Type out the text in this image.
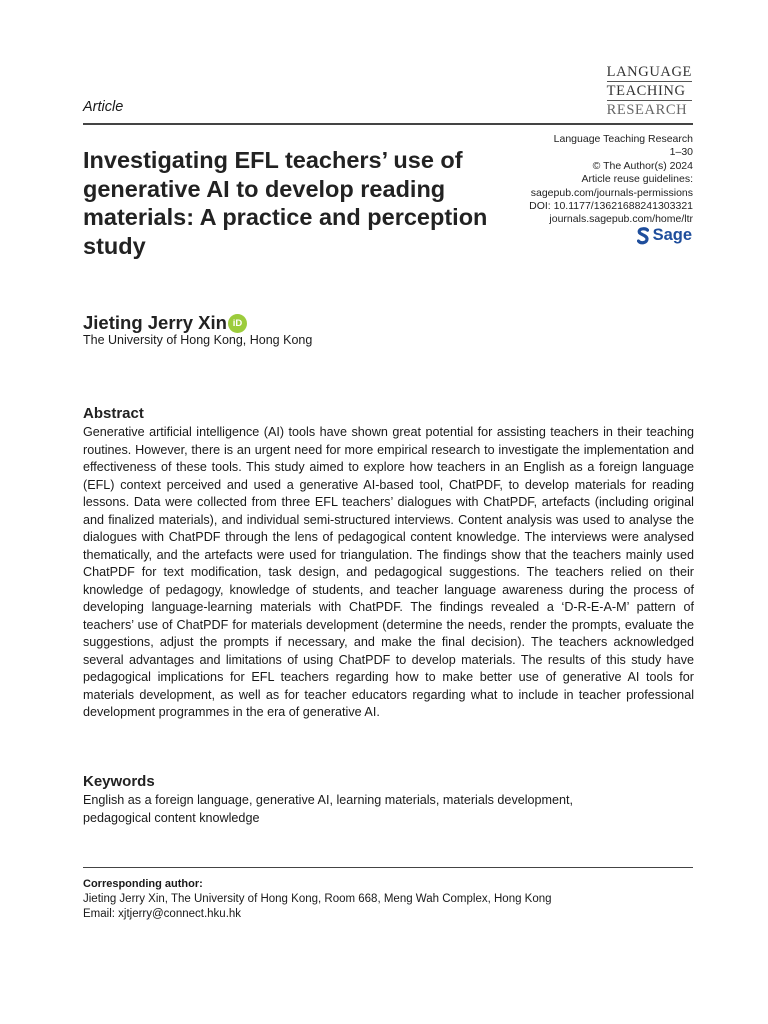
LANGUAGE
TEACHING
RESEARCH
Article
Investigating EFL teachers’ use of generative AI to develop reading materials: A practice and perception study
Language Teaching Research
1–30
© The Author(s) 2024
Article reuse guidelines:
sagepub.com/journals-permissions
DOI: 10.1177/13621688241303321
journals.sagepub.com/home/ltr
Sage
Jieting Jerry Xin iD
The University of Hong Kong, Hong Kong
Abstract

Generative artificial intelligence (AI) tools have shown great potential for assisting teachers in their teaching routines. However, there is an urgent need for more empirical research to investigate the implementation and effectiveness of these tools. This study aimed to explore how teachers in an English as a foreign language (EFL) context perceived and used a generative AI-based tool, ChatPDF, to develop materials for reading lessons. Data were collected from three EFL teachers’ dialogues with ChatPDF, artefacts (including original and finalized materials), and individual semi-structured interviews. Content analysis was used to analyse the dialogues with ChatPDF through the lens of pedagogical content knowledge. The interviews were analysed thematically, and the artefacts were used for triangulation. The findings show that the teachers mainly used ChatPDF for text modification, task design, and pedagogical suggestions. The teachers relied on their knowledge of pedagogy, knowledge of students, and teacher language awareness during the process of developing language-learning materials with ChatPDF. The findings revealed a ‘D-R-E-A-M’ pattern of teachers’ use of ChatPDF for materials development (determine the needs, render the prompts, evaluate the suggestions, adjust the prompts if necessary, and make the final decision). The teachers acknowledged several advantages and limitations of using ChatPDF to develop materials. The results of this study have pedagogical implications for EFL teachers regarding how to make better use of generative AI tools for materials development, as well as for teacher educators regarding what to include in teacher professional development programmes in the era of generative AI.

Keywords

English as a foreign language, generative AI, learning materials, materials development, pedagogical content knowledge

Corresponding author:
Jieting Jerry Xin, The University of Hong Kong, Room 668, Meng Wah Complex, Hong Kong
Email: xjtjerry@connect.hku.hk
